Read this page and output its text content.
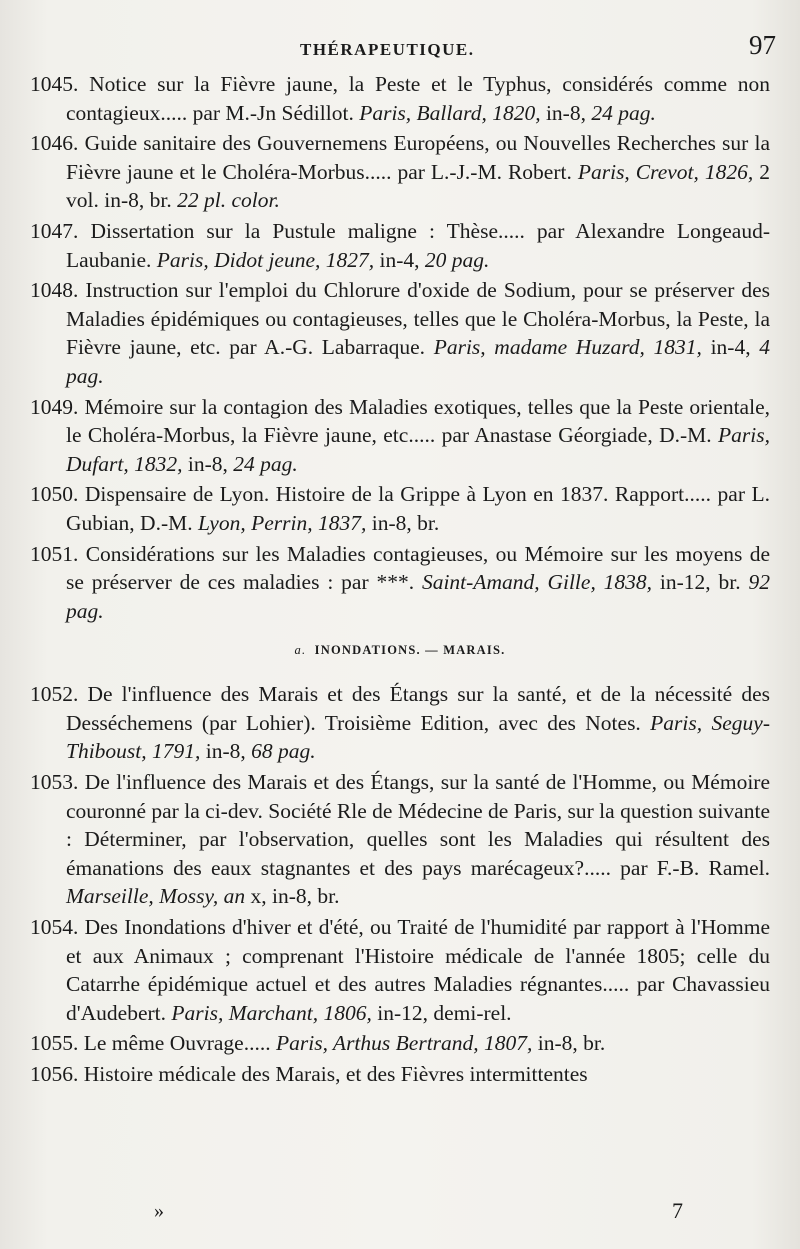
THÉRAPEUTIQUE.	97

1045. Notice sur la Fièvre jaune, la Peste et le Typhus, considérés comme non contagieux..... par M.-Jn Sédillot. Paris, Ballard, 1820, in-8, 24 pag.

1046. Guide sanitaire des Gouvernemens Européens, ou Nouvelles Recherches sur la Fièvre jaune et le Choléra-Morbus..... par L.-J.-M. Robert. Paris, Crevot, 1826, 2 vol. in-8, br. 22 pl. color.

1047. Dissertation sur la Pustule maligne : Thèse..... par Alexandre Longeaud-Laubanie. Paris, Didot jeune, 1827, in-4, 20 pag.

1048. Instruction sur l'emploi du Chlorure d'oxide de Sodium, pour se préserver des Maladies épidémiques ou contagieuses, telles que le Choléra-Morbus, la Peste, la Fièvre jaune, etc. par A.-G. Labarraque. Paris, madame Huzard, 1831, in-4, 4 pag.

1049. Mémoire sur la contagion des Maladies exotiques, telles que la Peste orientale, le Choléra-Morbus, la Fièvre jaune, etc..... par Anastase Géorgiade, D.-M. Paris, Dufart, 1832, in-8, 24 pag.

1050. Dispensaire de Lyon. Histoire de la Grippe à Lyon en 1837. Rapport..... par L. Gubian, D.-M. Lyon, Perrin, 1837, in-8, br.

1051. Considérations sur les Maladies contagieuses, ou Mémoire sur les moyens de se préserver de ces maladies : par ***. Saint-Amand, Gille, 1838, in-12, br. 92 pag.

a. INONDATIONS. — MARAIS.

1052. De l'influence des Marais et des Étangs sur la santé, et de la nécessité des Desséchemens (par Lohier). Troisième Edition, avec des Notes. Paris, Seguy-Thiboust, 1791, in-8, 68 pag.

1053. De l'influence des Marais et des Étangs, sur la santé de l'Homme, ou Mémoire couronné par la ci-dev. Société Rle de Médecine de Paris, sur la question suivante : Déterminer, par l'observation, quelles sont les Maladies qui résultent des émanations des eaux stagnantes et des pays marécageux?..... par F.-B. Ramel. Marseille, Mossy, an x, in-8, br.

1054. Des Inondations d'hiver et d'été, ou Traité de l'humidité par rapport à l'Homme et aux Animaux ; comprenant l'Histoire médicale de l'année 1805; celle du Catarrhe épidémique actuel et des autres Maladies régnantes..... par Chavassieu d'Audebert. Paris, Marchant, 1806, in-12, demi-rel.

1055. Le même Ouvrage..... Paris, Arthus Bertrand, 1807, in-8, br.

1056. Histoire médicale des Marais, et des Fièvres intermittentes

»	7
